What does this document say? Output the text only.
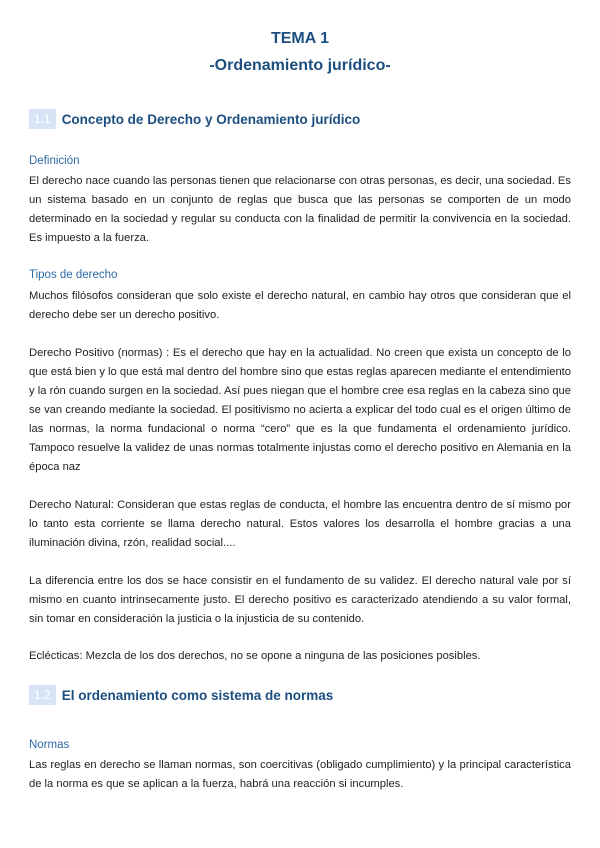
TEMA 1
-Ordenamiento jurídico-
1.1 Concepto de Derecho y Ordenamiento jurídico
Definición

El derecho nace cuando las personas tienen que relacionarse con otras personas, es decir, una sociedad. Es un sistema basado en un conjunto de reglas que busca que las personas se comporten de un modo determinado en la sociedad y regular su conducta con la finalidad de permitir la convivencia en la sociedad. Es impuesto a la fuerza.

Tipos de derecho

Muchos filósofos consideran que solo existe el derecho natural, en cambio hay otros que consideran que el derecho debe ser un derecho positivo.

Derecho Positivo (normas) : Es el derecho que hay en la actualidad. No creen que exista un concepto de lo que está bien y lo que está mal dentro del hombre sino que estas reglas aparecen mediante el entendimiento y la rón cuando surgen en la sociedad. Así pues niegan que el hombre cree esa reglas en la cabeza sino que se van creando mediante la sociedad. El positivismo no acierta a explicar del todo cual es el origen último de las normas, la norma fundacional o norma “cero” que es la que fundamenta el ordenamiento jurídico. Tampoco resuelve la validez de unas normas totalmente injustas como el derecho positivo en Alemania en la época naz

Derecho Natural: Consideran que estas reglas de conducta, el hombre las encuentra dentro de sí mismo por lo tanto esta corriente se llama derecho natural. Estos valores los desarrolla el hombre gracias a una iluminación divina, rzón, realidad social....

La diferencia entre los dos se hace consistir en el fundamento de su validez. El derecho natural vale por sí mismo en cuanto intrinsecamente justo. El derecho positivo es caracterizado atendiendo a su valor formal, sin tomar en consideración la justicia o la injusticia de su contenido.

Eclécticas: Mezcla de los dos derechos, no se opone a ninguna de las posiciones posibles.

1.2 El ordenamiento como sistema de normas
Normas

Las reglas en derecho se llaman normas, son coercitivas (obligado cumplimiento) y la principal característica de la norma es que se aplican a la fuerza, habrá una reacción si incumples.
